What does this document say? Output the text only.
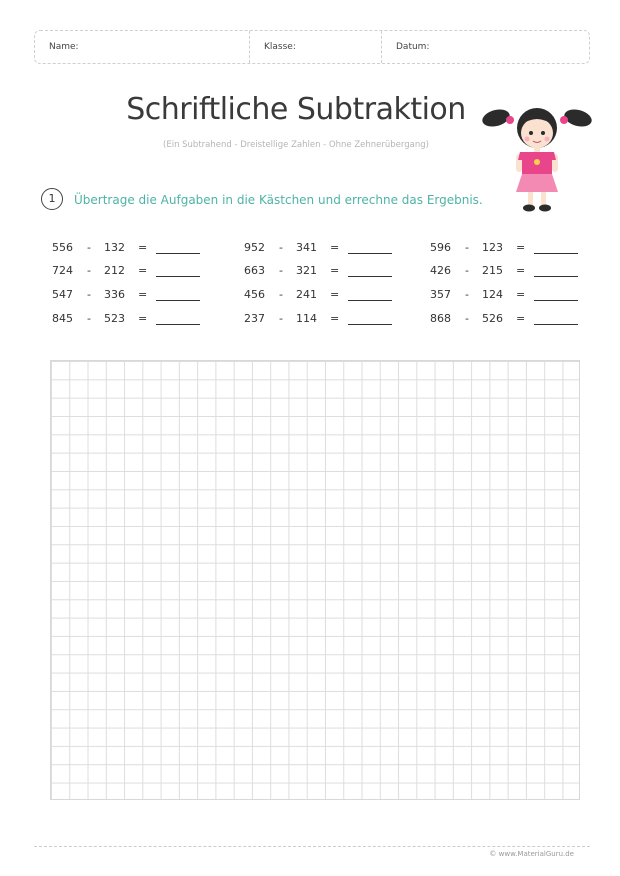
Name:	Klasse:	Datum:
Schriftliche Subtraktion
(Ein Subtrahend - Dreistellige Zahlen - Ohne Zehnerübergang)
1	Übertrage die Aufgaben in die Kästchen und errechne das Ergebnis.
556	- 132	=	952	- 341	=	596	- 123	=
724	- 212	=	663	- 321	=	426	- 215	=
547	- 336	=	456	- 241	=	357	- 124	=
845	- 523	=	237	- 114	=	868	- 526	=
© www.MaterialGuru.de
